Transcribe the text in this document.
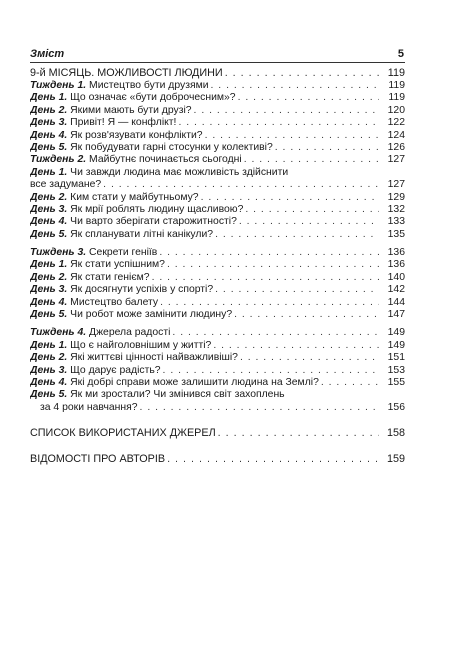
Зміст	5
9-й МІСЯЦЬ. МОЖЛИВОСТІ ЛЮДИНИ . . .	119
Тиждень 1. Мистецтво бути друзями . . .	119
День 1. Що означає «бути доброчесним»? . . .	119
День 2. Якими мають бути друзі? . . .	120
День 3. Привіт! Я — конфлікт! . . .	122
День 4. Як розв'язувати конфлікти? . . .	124
День 5. Як побудувати гарні стосунки у колективі? . . .	126
Тиждень 2. Майбутнє починається сьогодні . . .	127
День 1. Чи завжди людина має можливість здійснити
все задумане? . . .	127
День 2. Ким стати у майбутньому? . . .	129
День 3. Як мрії роблять людину щасливою? . . .	132
День 4. Чи варто зберігати старожитності? . . .	133
День 5. Як спланувати літні канікули? . . .	135
Тиждень 3. Секрети геніїв . . .	136
День 1. Як стати успішним? . . .	136
День 2. Як стати генієм? . . .	140
День 3. Як досягнути успіхів у спорті? . . .	142
День 4. Мистецтво балету . . .	144
День 5. Чи робот може замінити людину? . . .	147
Тиждень 4. Джерела радості . . .	149
День 1. Що є найголовнішим у житті? . . .	149
День 2. Які життєві цінності найважливіші? . . .	151
День 3. Що дарує радість? . . .	153
День 4. Які добрі справи може залишити людина на Землі? . . .	155
День 5. Як ми зростали? Чи змінився світ захоплень
за 4 роки навчання? . . .	156
СПИСОК ВИКОРИСТАНИХ ДЖЕРЕЛ . . .	158
ВІДОМОСТІ ПРО АВТОРІВ . . .	159
